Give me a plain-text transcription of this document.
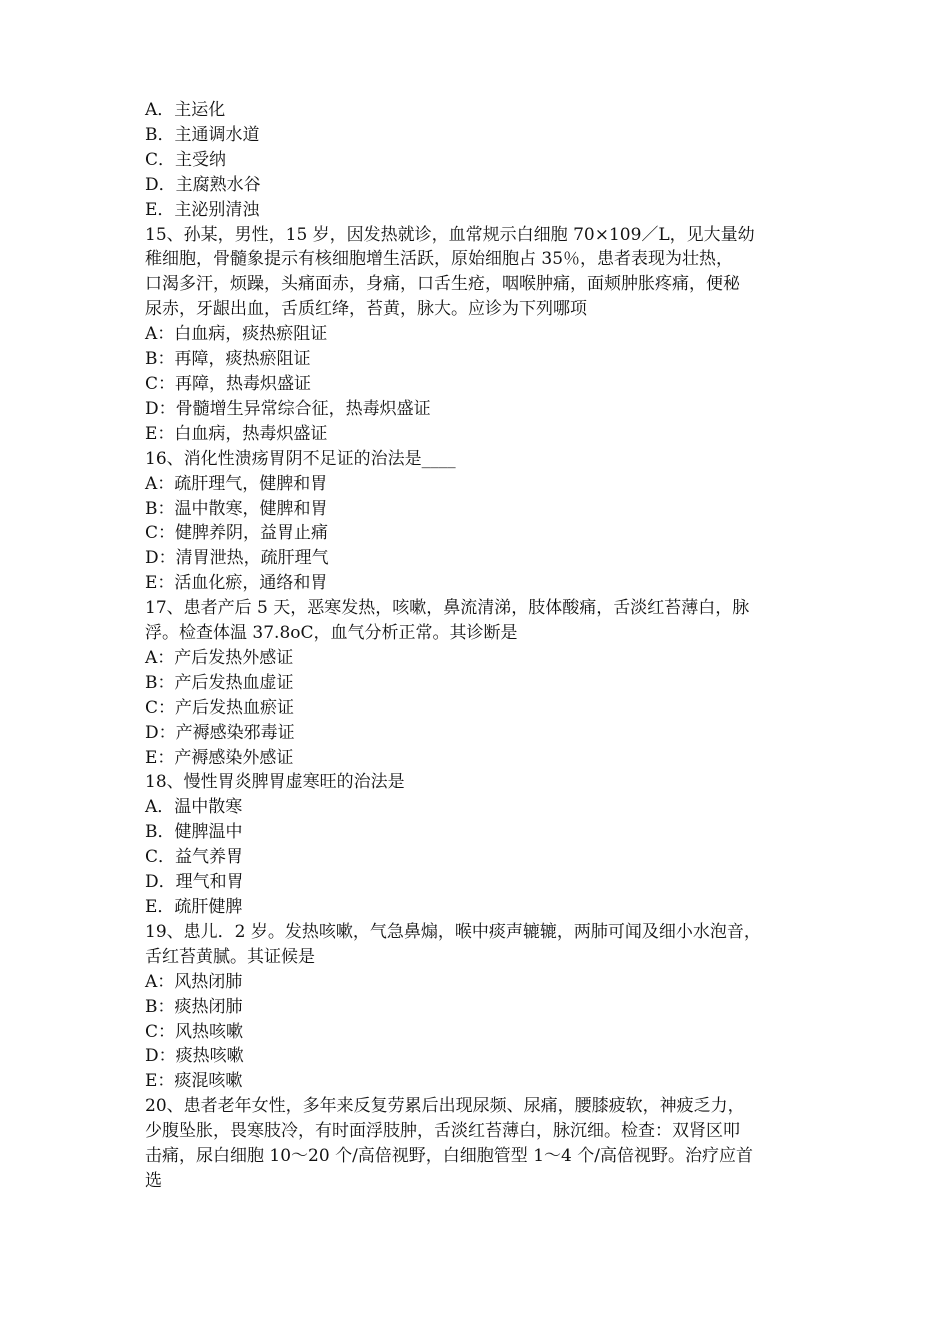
A．主运化
B．主通调水道
C．主受纳
D．主腐熟水谷
E．主泌别清浊
15、孙某，男性，15 岁，因发热就诊，血常规示白细胞 70×109／L，见大量幼
稚细胞，骨髓象提示有核细胞增生活跃，原始细胞占 35％，患者表现为壮热，
口渴多汗，烦躁，头痛面赤，身痛，口舌生疮，咽喉肿痛，面颊肿胀疼痛，便秘
尿赤，牙龈出血，舌质红绛，苔黄，脉大。应诊为下列哪项
A：白血病，痰热瘀阻证
B：再障，痰热瘀阻证
C：再障，热毒炽盛证
D：骨髓增生异常综合征，热毒炽盛证
E：白血病，热毒炽盛证
16、消化性溃疡胃阴不足证的治法是____
A：疏肝理气，健脾和胃
B：温中散寒，健脾和胃
C：健脾养阴，益胃止痛
D：清胃泄热，疏肝理气
E：活血化瘀，通络和胃
17、患者产后 5 天，恶寒发热，咳嗽，鼻流清涕，肢体酸痛，舌淡红苔薄白，脉
浮。检查体温 37.8oC，血气分析正常。其诊断是
A：产后发热外感证
B：产后发热血虚证
C：产后发热血瘀证
D：产褥感染邪毒证
E：产褥感染外感证
18、慢性胃炎脾胃虚寒旺的治法是
A．温中散寒
B．健脾温中
C．益气养胃
D．理气和胃
E．疏肝健脾
19、患儿．2 岁。发热咳嗽，气急鼻煽，喉中痰声辘辘，两肺可闻及细小水泡音，
舌红苔黄腻。其证候是
A：风热闭肺
B：痰热闭肺
C：风热咳嗽
D：痰热咳嗽
E：痰混咳嗽
20、患者老年女性，多年来反复劳累后出现尿频、尿痛，腰膝疲软，神疲乏力，
少腹坠胀，畏寒肢冷，有时面浮肢肿，舌淡红苔薄白，脉沉细。检查：双肾区叩
击痛，尿白细胞 10～20 个/高倍视野，白细胞管型 1～4 个/高倍视野。治疗应首
选
